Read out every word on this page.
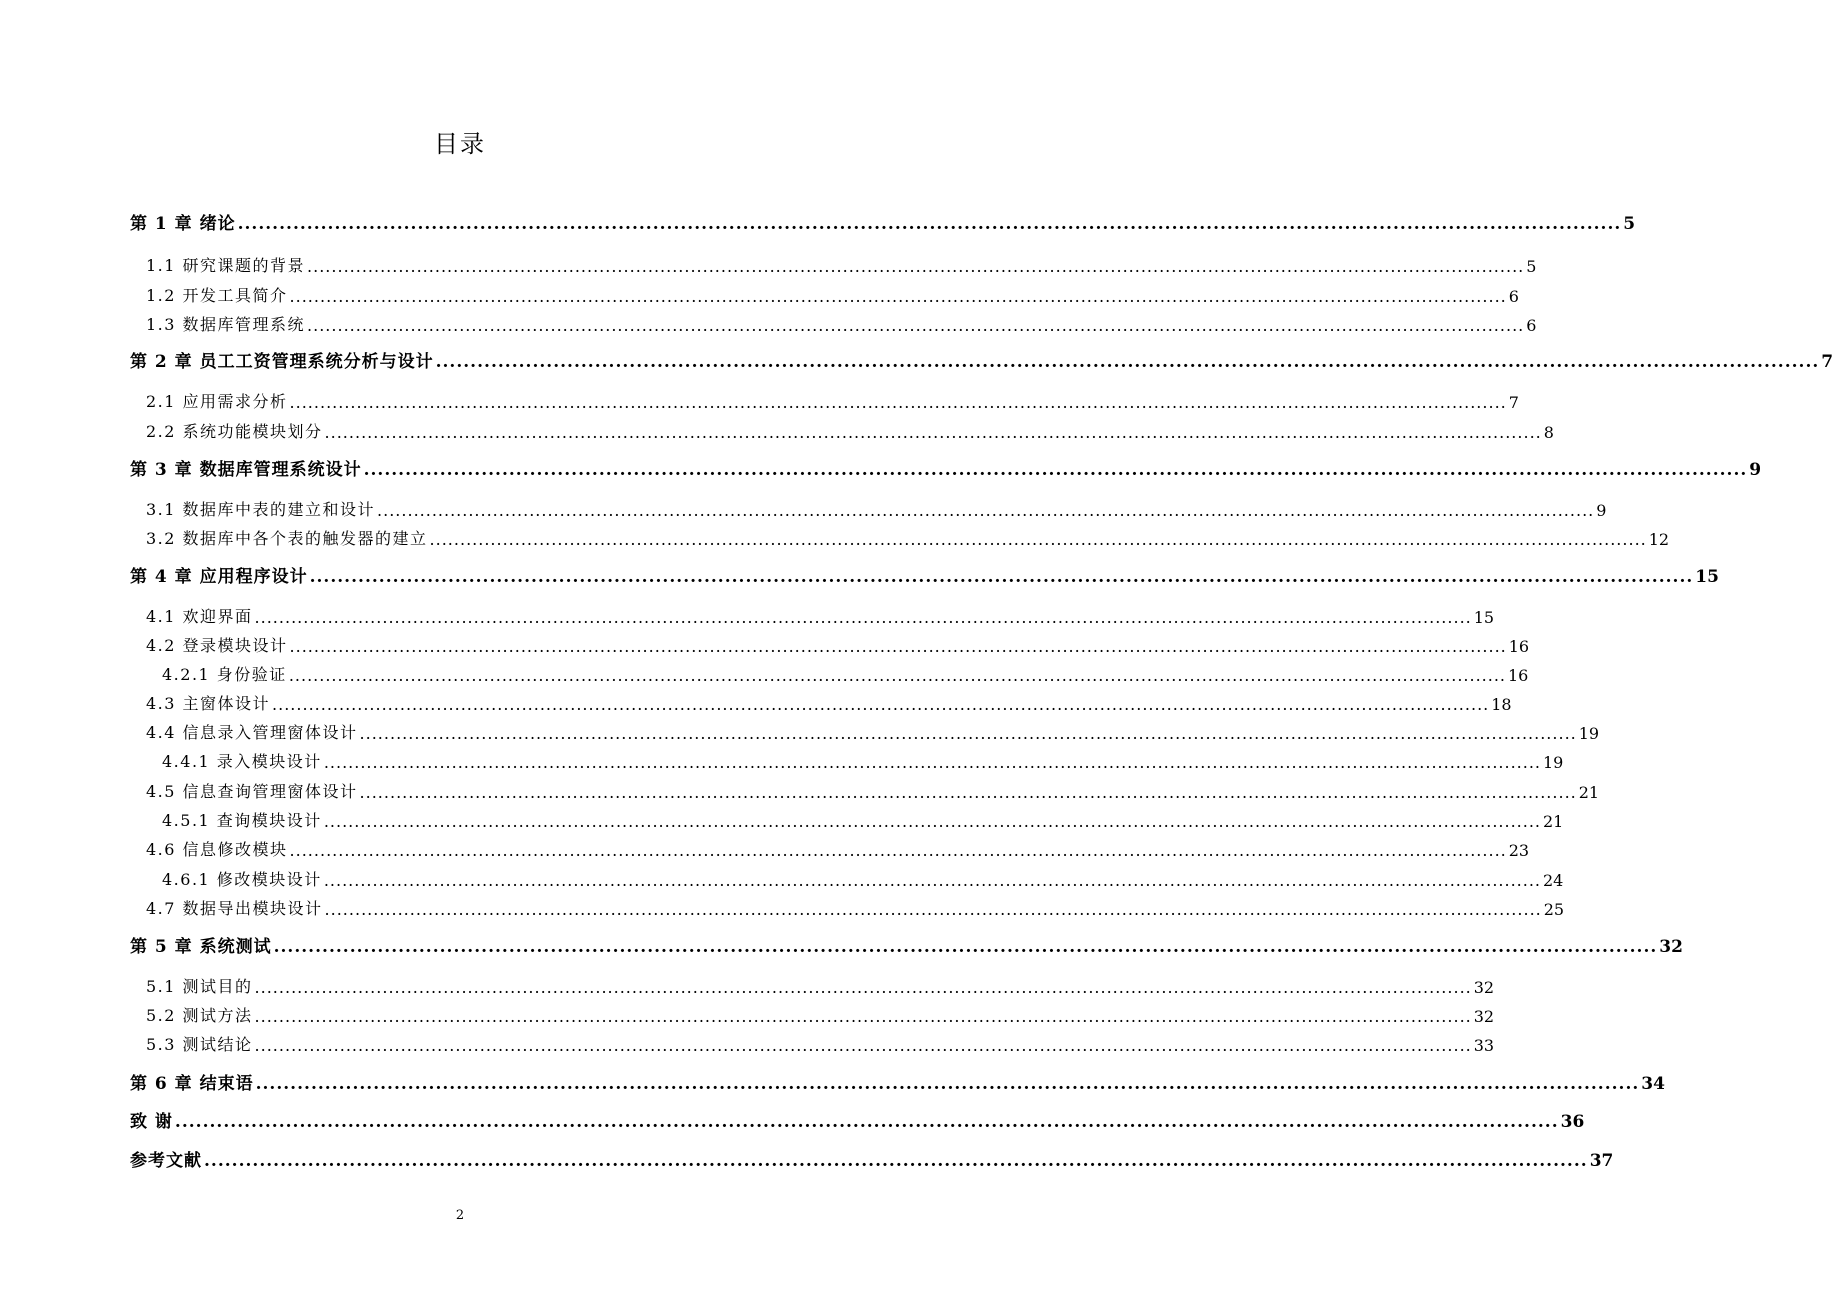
目录
第 1 章 绪论 ........................................................................................................................................................................................................ 5
1.1 研究课题的背景 ........................................................................................................................................................................................................ 5
1.2 开发工具简介 ........................................................................................................................................................................................................ 6
1.3 数据库管理系统 ........................................................................................................................................................................................................ 6
第 2 章 员工工资管理系统分析与设计 ........................................................................................................................................................................................................ 7
2.1 应用需求分析 ........................................................................................................................................................................................................ 7
2.2 系统功能模块划分 ........................................................................................................................................................................................................ 8
第 3 章 数据库管理系统设计 ........................................................................................................................................................................................................ 9
3.1 数据库中表的建立和设计 ........................................................................................................................................................................................................ 9
3.2 数据库中各个表的触发器的建立 ........................................................................................................................................................................................................ 12
第 4 章 应用程序设计 ........................................................................................................................................................................................................ 15
4.1 欢迎界面 ........................................................................................................................................................................................................ 15
4.2 登录模块设计 ........................................................................................................................................................................................................ 16
4.2.1 身份验证 ........................................................................................................................................................................................................ 16
4.3 主窗体设计 ........................................................................................................................................................................................................ 18
4.4 信息录入管理窗体设计 ........................................................................................................................................................................................................ 19
4.4.1 录入模块设计 ........................................................................................................................................................................................................ 19
4.5 信息查询管理窗体设计 ........................................................................................................................................................................................................ 21
4.5.1 查询模块设计 ........................................................................................................................................................................................................ 21
4.6 信息修改模块 ........................................................................................................................................................................................................ 23
4.6.1 修改模块设计 ........................................................................................................................................................................................................ 24
4.7 数据导出模块设计 ........................................................................................................................................................................................................ 25
第 5 章 系统测试 ........................................................................................................................................................................................................ 32
5.1 测试目的 ........................................................................................................................................................................................................ 32
5.2 测试方法 ........................................................................................................................................................................................................ 32
5.3 测试结论 ........................................................................................................................................................................................................ 33
第 6 章 结束语 ........................................................................................................................................................................................................ 34
致 谢 ........................................................................................................................................................................................................ 36
参考文献 ........................................................................................................................................................................................................ 37
2
